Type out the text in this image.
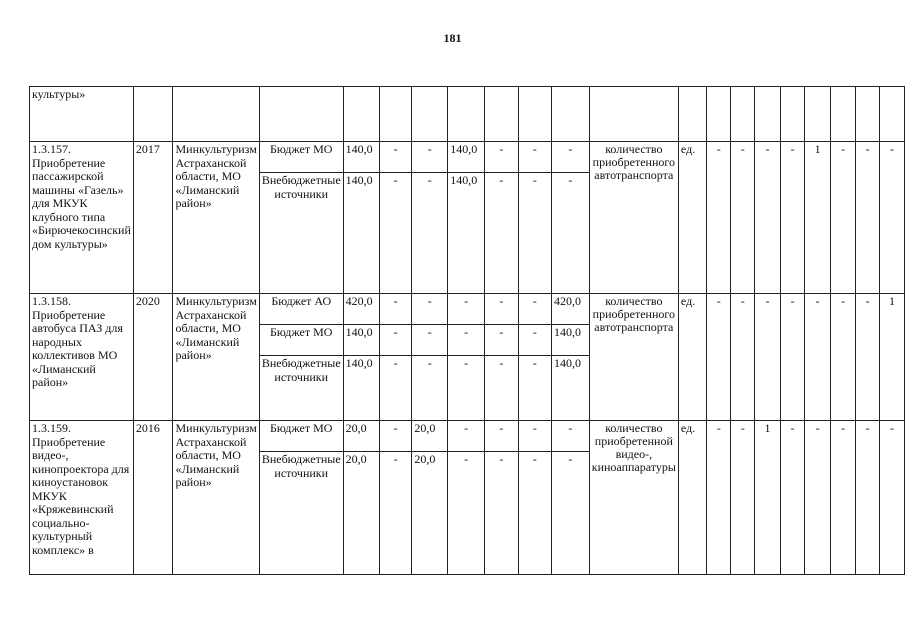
181
культуры»																				
1.3.157. Приобретение пассажирской машины «Газель» для МКУК клубного типа «Бирючекосинский дом культуры»	2017	Минкультуризм Астраханской области, МО «Лиманский район»	Бюджет МО	140,0	-	-	140,0	-	-	-	количество приобретенного автотранспорта	ед.	-	-	-	-	1	-	-	-
			Внебюджетные источники	140,0	-	-	140,0	-	-	-										
1.3.158. Приобретение автобуса ПАЗ для народных коллективов МО «Лиманский район»	2020	Минкультуризм Астраханской области, МО «Лиманский район»	Бюджет АО	420,0	-	-	-	-	-	420,0	количество приобретенного автотранспорта	ед.	-	-	-	-	-	-	-	1
			Бюджет МО	140,0	-	-	-	-	-	140,0										
			Внебюджетные источники	140,0	-	-	-	-	-	140,0										
1.3.159. Приобретение видео-, кинопроектора для киноустановок МКУК «Кряжевинский социально-культурный комплекс» в	2016	Минкультуризм Астраханской области, МО «Лиманский район»	Бюджет МО	20,0	-	20,0	-	-	-	-	количество приобретенной видео-, киноаппаратуры	ед.	-	-	1	-	-	-	-	-
			Внебюджетные источники	20,0	-	20,0	-	-	-	-										
